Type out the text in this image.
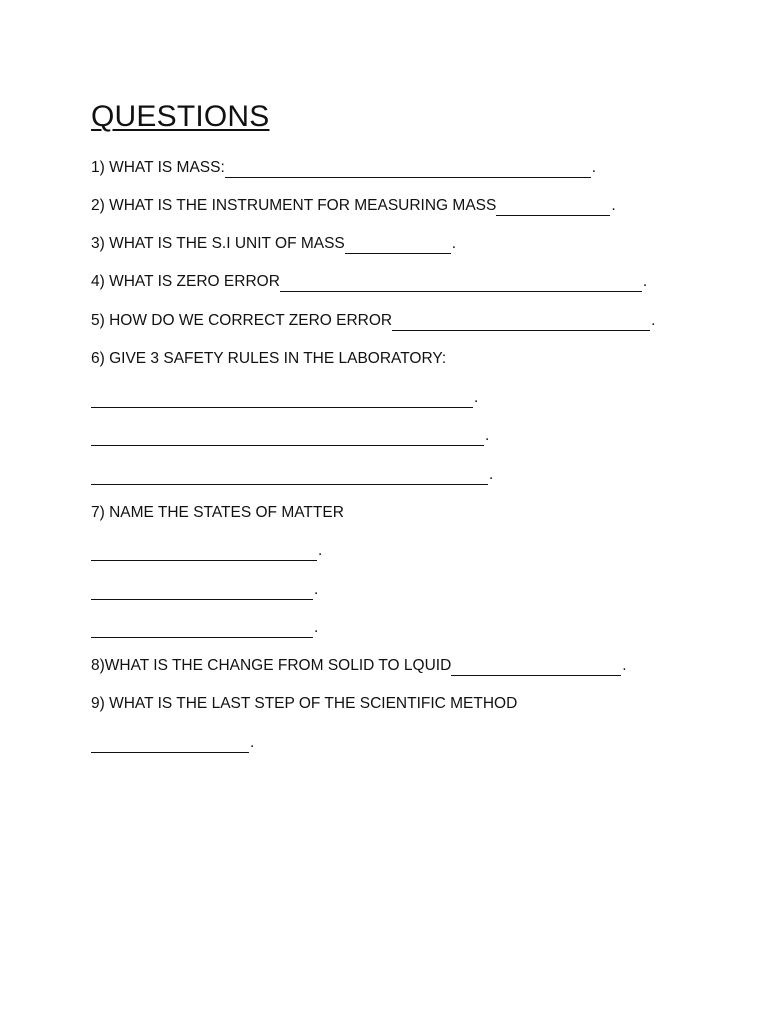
QUESTIONS
1) WHAT IS MASS:	.
2) WHAT IS THE INSTRUMENT FOR MEASURING MASS	.
3) WHAT IS THE S.I UNIT OF MASS	.
4) WHAT IS ZERO ERROR	.
5) HOW DO WE CORRECT ZERO ERROR	.
6) GIVE 3 SAFETY RULES IN THE LABORATORY:
.
.
.
7) NAME THE STATES OF MATTER
.
.
.
8)WHAT IS THE CHANGE FROM SOLID TO LQUID	.
9) WHAT IS THE LAST STEP OF THE SCIENTIFIC METHOD
.
